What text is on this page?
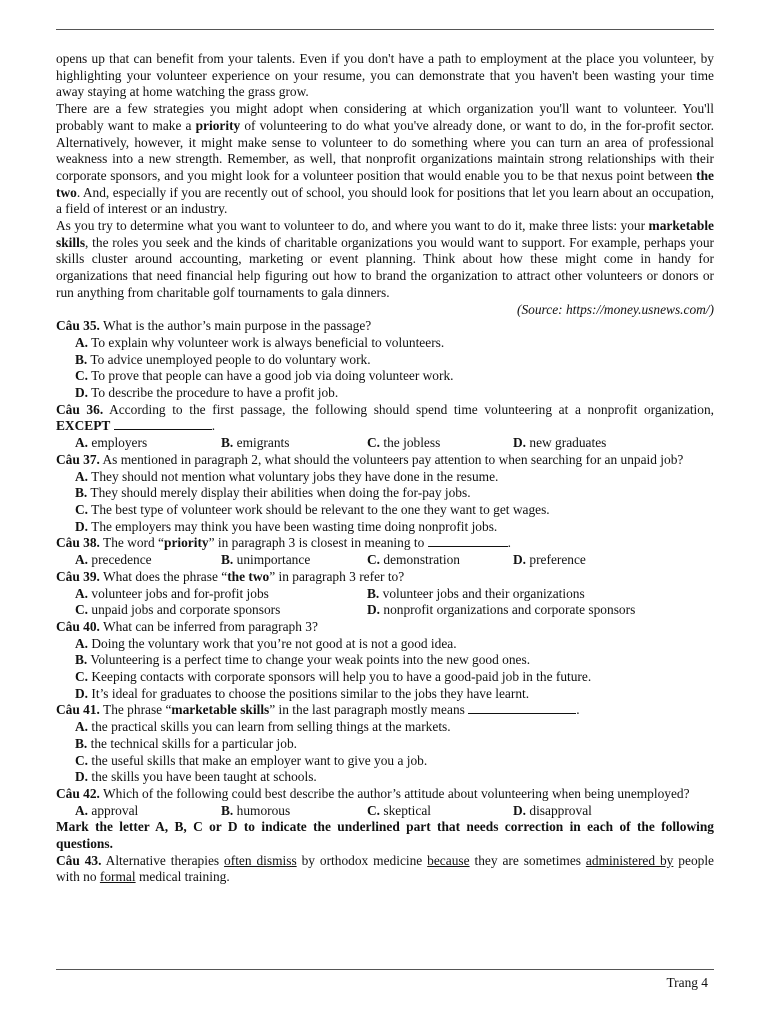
opens up that can benefit from your talents. Even if you don't have a path to employment at the place you volunteer, by highlighting your volunteer experience on your resume, you can demonstrate that you haven't been wasting your time away staying at home watching the grass grow.

There are a few strategies you might adopt when considering at which organization you'll want to volunteer. You'll probably want to make a priority of volunteering to do what you've already done, or want to do, in the for-profit sector. Alternatively, however, it might make sense to volunteer to do something where you can turn an area of professional weakness into a new strength. Remember, as well, that nonprofit organizations maintain strong relationships with their corporate sponsors, and you might look for a volunteer position that would enable you to be that nexus point between the two. And, especially if you are recently out of school, you should look for positions that let you learn about an occupation, a field of interest or an industry.

As you try to determine what you want to volunteer to do, and where you want to do it, make three lists: your marketable skills, the roles you seek and the kinds of charitable organizations you would want to support. For example, perhaps your skills cluster around accounting, marketing or event planning. Think about how these might come in handy for organizations that need financial help figuring out how to brand the organization to attract other volunteers or donors or run anything from charitable golf tournaments to gala dinners.

(Source: https://money.usnews.com/)

Câu 35. What is the author’s main purpose in the passage?

A. To explain why volunteer work is always beneficial to volunteers.

B. To advice unemployed people to do voluntary work.

C. To prove that people can have a good job via doing volunteer work.

D. To describe the procedure to have a profit job.

Câu 36. According to the first passage, the following should spend time volunteering at a nonprofit organization, EXCEPT	.

A. employers	B. emigrants	C. the jobless	D. new graduates

Câu 37. As mentioned in paragraph 2, what should the volunteers pay attention to when searching for an unpaid job?

A. They should not mention what voluntary jobs they have done in the resume.

B. They should merely display their abilities when doing the for-pay jobs.

C. The best type of volunteer work should be relevant to the one they want to get wages.

D. The employers may think you have been wasting time doing nonprofit jobs.

Câu 38. The word “priority” in paragraph 3 is closest in meaning to	.

A. precedence	B. unimportance	C. demonstration	D. preference

Câu 39. What does the phrase “the two” in paragraph 3 refer to?

A. volunteer jobs and for-profit jobs	B. volunteer jobs and their organizations
C. unpaid jobs and corporate sponsors	D. nonprofit organizations and corporate sponsors

Câu 40. What can be inferred from paragraph 3?

A. Doing the voluntary work that you’re not good at is not a good idea.

B. Volunteering is a perfect time to change your weak points into the new good ones.

C. Keeping contacts with corporate sponsors will help you to have a good-paid job in the future.

D. It’s ideal for graduates to choose the positions similar to the jobs they have learnt.

Câu 41. The phrase “marketable skills” in the last paragraph mostly means	.

A. the practical skills you can learn from selling things at the markets.

B. the technical skills for a particular job.

C. the useful skills that make an employer want to give you a job.

D. the skills you have been taught at schools.

Câu 42. Which of the following could best describe the author’s attitude about volunteering when being unemployed?

A. approval	B. humorous	C. skeptical	D. disapproval

Mark the letter A, B, C or D to indicate the underlined part that needs correction in each of the following questions.

Câu 43. Alternative therapies often dismiss by orthodox medicine because they are sometimes administered by people with no formal medical training.

Trang 4
